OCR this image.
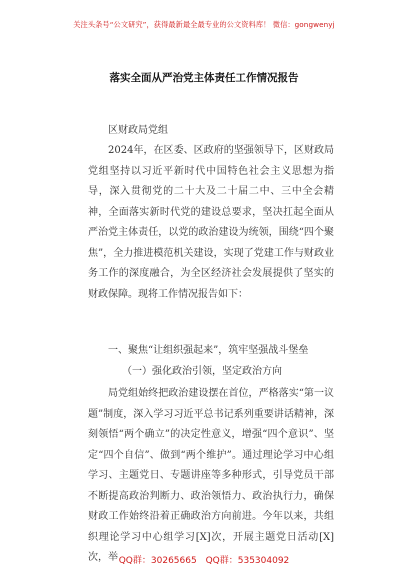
关注头条号“公文研究”，获得最新最全最专业的公文资料库！ 微信：gongwenyj
落实全面从严治党主体责任工作情况报告
区财政局党组

2024年，在区委、区政府的坚强领导下，区财政局党组坚持以习近平新时代中国特色社会主义思想为指导，深入贯彻党的二十大及二十届二中、三中全会精神，全面落实新时代党的建设总要求，坚决扛起全面从严治党主体责任，以党的政治建设为统领，围绕“四个聚焦”，全力推进模范机关建设，实现了党建工作与财政业务工作的深度融合，为全区经济社会发展提供了坚实的财政保障。现将工作情况报告如下：

一、聚焦“让组织强起来”，筑牢坚强战斗堡垒
（一）强化政治引领，坚定政治方向

局党组始终把政治建设摆在首位，严格落实“第一议题”制度，深入学习习近平总书记系列重要讲话精神，深刻领悟“两个确立”的决定性意义，增强“四个意识”、坚定“四个自信”、做到“两个维护”。通过理论学习中心组学习、主题党日、专题讲座等多种形式，引导党员干部不断提高政治判断力、政治领悟力、政治执行力，确保财政工作始终沿着正确政治方向前进。今年以来，共组织理论学习中心组学习[X]次，开展主题党日活动[X]次，举 QQ群：30265665 QQ群：535304092
